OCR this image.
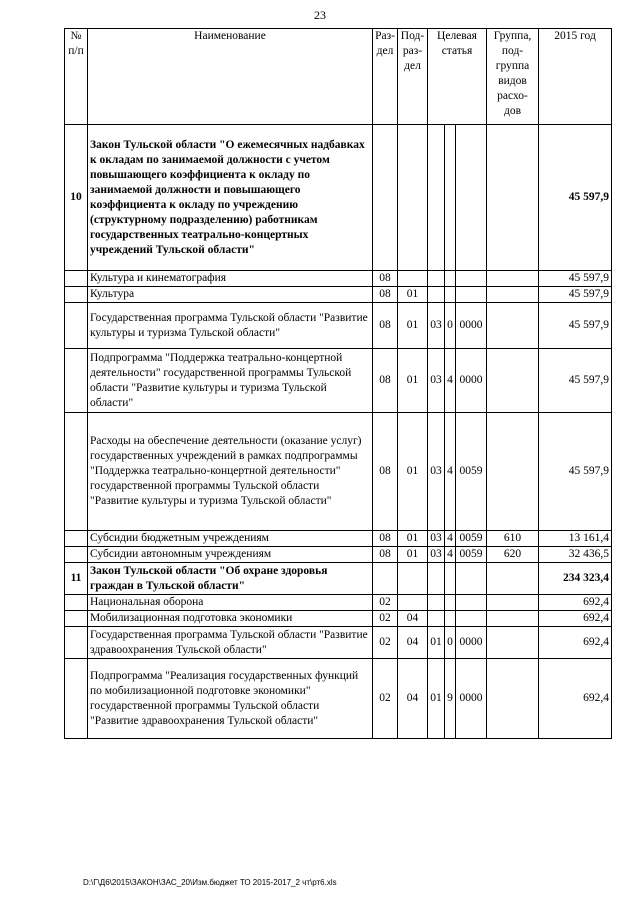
23
№ п/п	Наименование	Раз- дел	Под- раз- дел	Целевая статья			Группа, под- группа видов расхо- дов	2015 год
10	Закон Тульской области "О ежемесячных надбавках к окладам по занимаемой должности с учетом повышающего коэффициента к окладу по занимаемой должности и повышающего коэффициента к окладу по учреждению (структурному подразделению) работникам государственных театрально-концертных учреждений Тульской области"							45 597,9
	Культура и кинематография	08						45 597,9
	Культура	08	01					45 597,9
	Государственная программа Тульской области "Развитие культуры и туризма Тульской области"	08	01	03	0	0000		45 597,9
	Подпрограмма "Поддержка театрально-концертной деятельности" государственной программы Тульской области "Развитие культуры и туризма Тульской области"	08	01	03	4	0000		45 597,9
	Расходы на обеспечение деятельности (оказание услуг) государственных учреждений в рамках подпрограммы "Поддержка театрально-концертной деятельности" государственной программы Тульской области "Развитие культуры и туризма Тульской области"	08	01	03	4	0059		45 597,9
	Субсидии бюджетным учреждениям	08	01	03	4	0059	610	13 161,4
	Субсидии автономным учреждениям	08	01	03	4	0059	620	32 436,5
11	Закон Тульской области "Об охране здоровья граждан в Тульской области"							234 323,4
	Национальная оборона	02						692,4
	Мобилизационная подготовка экономики	02	04					692,4
	Государственная программа Тульской области "Развитие здравоохранения Тульской области"	02	04	01	0	0000		692,4
	Подпрограмма "Реализация государственных функций по мобилизационной подготовке экономики" государственной программы Тульской области "Развитие здравоохранения Тульской области"	02	04	01	9	0000		692,4
D:\Г\Д6\2015\ЗАКОН\ЗАС_20\Изм.бюджет ТО 2015-2017_2 чт\рт6.xls
